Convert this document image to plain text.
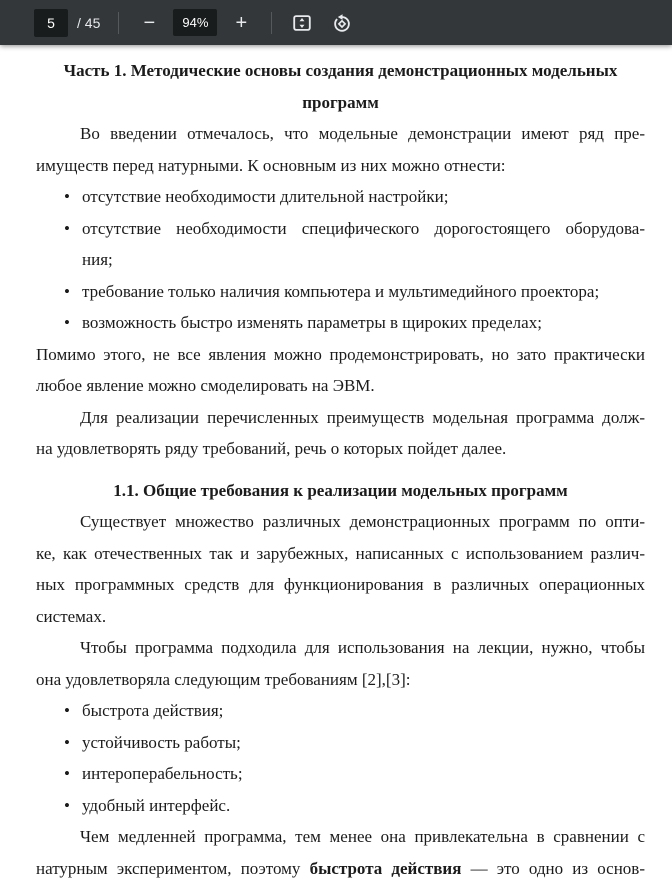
5
/ 45	−	94%	+
Часть 1. Методические основы создания демонстрационных модельных
программ
Во введении отмечалось, что модельные демонстрации имеют ряд пре-
имуществ перед натурными. К основным из них можно отнести:
• отсутствие необходимости длительной настройки;
• отсутствие необходимости специфического дорогостоящего оборудова-
ния;
• требование только наличия компьютера и мультимедийного проектора;
• возможность быстро изменять параметры в щироких пределах;
Помимо этого, не все явления можно продемонстрировать, но зато практически
любое явление можно смоделировать на ЭВМ.
Для реализации перечисленных преимуществ модельная программа долж-
на удовлетворять ряду требований, речь о которых пойдет далее.
1.1. Общие требования к реализации модельных программ
Существует множество различных демонстрационных программ по опти-
ке, как отечественных так и зарубежных, написанных с использованием различ-
ных программных средств для функционирования в различных операционных
системах.
Чтобы программа подходила для использования на лекции, нужно, чтобы
она удовлетворяла следующим требованиям [2],[3]:
• быстрота действия;
• устойчивость работы;
• интероперабельность;
• удобный интерфейс.
Чем медленней программа, тем менее она привлекательна в сравнении с
натурным экспериментом, поэтому быстрота действия — это одно из основ-
